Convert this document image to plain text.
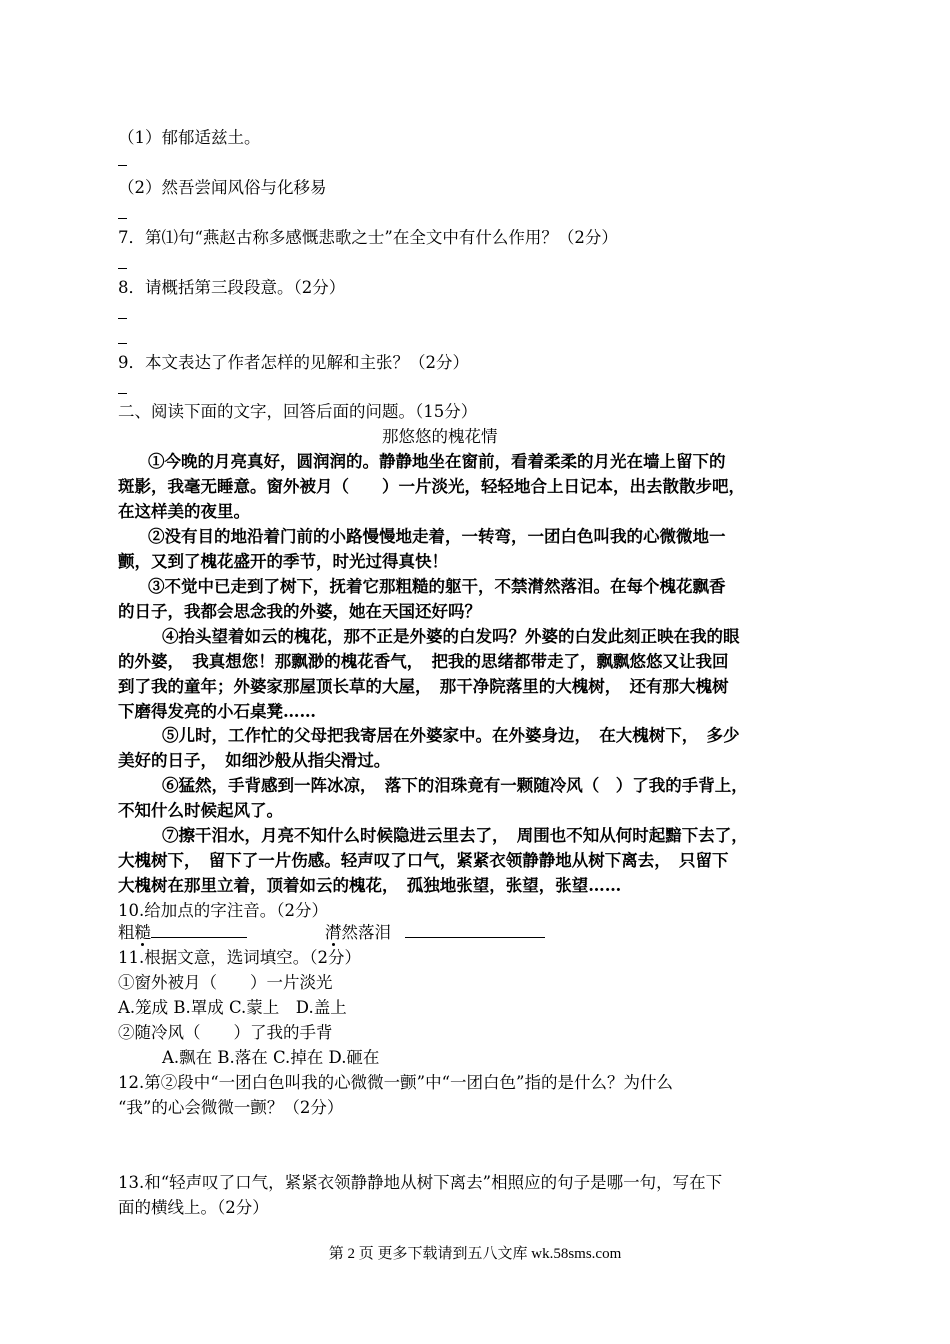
（1）郁郁适兹土。
（2）然吾尝闻风俗与化移易
7．第⑴句“燕赵古称多感慨悲歌之士”在全文中有什么作用？（2分）
8．请概括第三段段意。（2分）
9．本文表达了作者怎样的见解和主张？（2分）
二、阅读下面的文字，回答后面的问题。（15分）
那悠悠的槐花情
①今晚的月亮真好，圆润润的。静静地坐在窗前，看着柔柔的月光在墙上留下的
斑影，我毫无睡意。窗外被月（　　）一片淡光，轻轻地合上日记本，出去散散步吧，
在这样美的夜里。
②没有目的地沿着门前的小路慢慢地走着，一转弯，一团白色叫我的心微微地一
颤，又到了槐花盛开的季节，时光过得真快！
③不觉中已走到了树下，抚着它那粗糙的躯干，不禁潸然落泪。在每个槐花飘香
的日子，我都会思念我的外婆，她在天国还好吗？
④抬头望着如云的槐花，那不正是外婆的白发吗？外婆的白发此刻正映在我的眼
的外婆，　我真想您！那飘渺的槐花香气，　把我的思绪都带走了，飘飘悠悠又让我回
到了我的童年；外婆家那屋顶长草的大屋，　那干净院落里的大槐树，　还有那大槐树
下磨得发亮的小石桌凳……
⑤儿时，工作忙的父母把我寄居在外婆家中。在外婆身边，　在大槐树下，　多少
美好的日子，　如细沙般从指尖滑过。
⑥猛然，手背感到一阵冰凉，　落下的泪珠竟有一颗随冷风（　）了我的手背上，
不知什么时候起风了。
⑦擦干泪水，月亮不知什么时候隐进云里去了，　周围也不知从何时起黯下去了，
大槐树下，　留下了一片伤感。轻声叹了口气，紧紧衣领静静地从树下离去，　只留下
大槐树在那里立着，顶着如云的槐花，　孤独地张望，张望，张望……
10.给加点的字注音。（2分）
粗糙	潸然落泪
11.根据文意，选词填空。（2分）
①窗外被月（　　）一片淡光
A.笼成 B.罩成 C.蒙上　D.盖上
②随冷风（　　）了我的手背
A.飘在 B.落在 C.掉在 D.砸在
12.第②段中“一团白色叫我的心微微一颤”中“一团白色”指的是什么？为什么
“我”的心会微微一颤？（2分）
13.和“轻声叹了口气，紧紧衣领静静地从树下离去”相照应的句子是哪一句，写在下
面的横线上。（2分）
第 2 页 更多下载请到五八文库 wk.58sms.com
